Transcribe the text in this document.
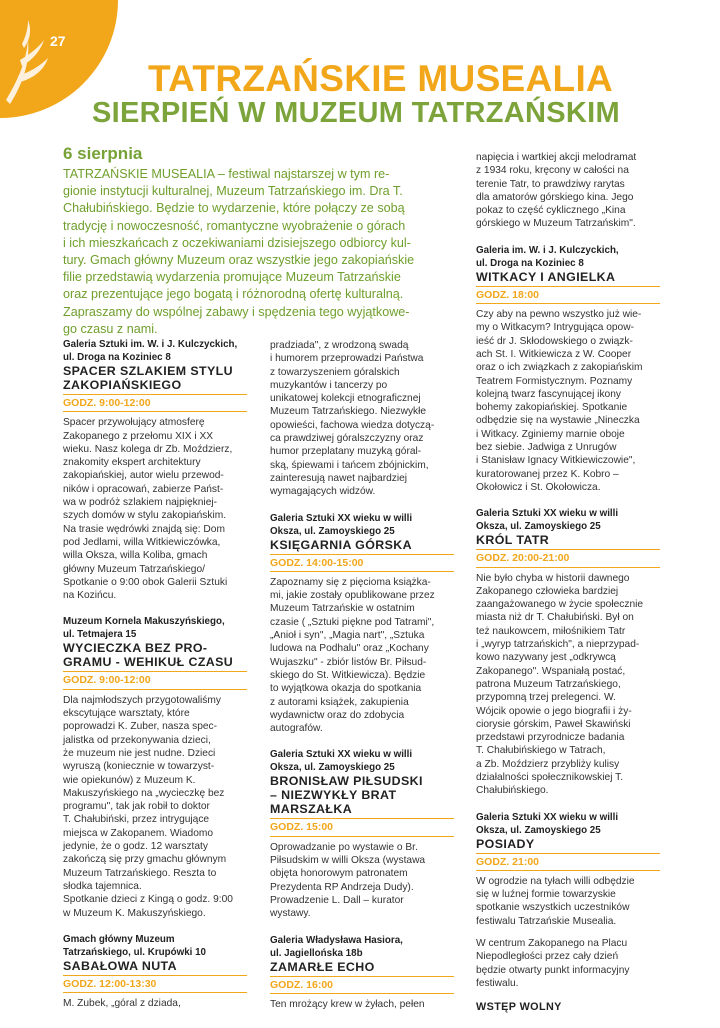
27
TATRZAŃSKIE MUSEALIA
SIERPIEŃ W MUZEUM TATRZAŃSKIM
6 sierpnia

TATRZAŃSKIE MUSEALIA – festiwal najstarszej w tym re-
gionie instytucji kulturalnej, Muzeum Tatrzańskiego im. Dra T.
Chałubińskiego. Będzie to wydarzenie, które połączy ze sobą
tradycję i nowoczesność, romantyczne wyobrażenie o górach
i ich mieszkańcach z oczekiwaniami dzisiejszego odbiorcy kul-
tury. Gmach główny Muzeum oraz wszystkie jego zakopiańskie
filie przedstawią wydarzenia promujące Muzeum Tatrzańskie
oraz prezentujące jego bogatą i różnorodną ofertę kulturalną.
Zapraszamy do wspólnej zabawy i spędzenia tego wyjątkowe-
go czasu z nami.

Galeria Sztuki im. W. i J. Kulczyckich,
ul. Droga na Koziniec 8
SPACER SZLAKIEM STYLU
ZAKOPIAŃSKIEGO
GODZ. 9:00-12:00
Spacer przywołujący atmosferę
Zakopanego z przełomu XIX i XX
wieku. Nasz kolega dr Zb. Moździerz,
znakomity ekspert architektury
zakopiańskiej, autor wielu przewod-
ników i opracowań, zabierze Państ-
wa w podróż szlakiem najpiękniej-
szych domów w stylu zakopiańskim.
Na trasie wędrówki znajdą się: Dom
pod Jedlami, willa Witkiewiczówka,
willa Oksza, willa Koliba, gmach
główny Muzeum Tatrzańskiego/
Spotkanie o 9:00 obok Galerii Sztuki
na Kozińcu.
Muzeum Kornela Makuszyńskiego,
ul. Tetmajera 15
WYCIECZKA BEZ PRO-
GRAMU - WEHIKUŁ CZASU
GODZ. 9:00-12:00
Dla najmłodszych przygotowaliśmy
ekscytujące warsztaty, które
poprowadzi K. Zuber, nasza spec-
jalistka od przekonywania dzieci,
że muzeum nie jest nudne. Dzieci
wyruszą (koniecznie w towarzyst-
wie opiekunów) z Muzeum K.
Makuszyńskiego na „wycieczkę bez
programu", tak jak robił to doktor
T. Chałubiński, przez intrygujące
miejsca w Zakopanem. Wiadomo
jedynie, że o godz. 12 warsztaty
zakończą się przy gmachu głównym
Muzeum Tatrzańskiego. Reszta to
słodka tajemnica.
Spotkanie dzieci z Kingą o godz. 9:00
w Muzeum K. Makuszyńskiego.
Gmach główny Muzeum
Tatrzańskiego, ul. Krupówki 10
SABAŁOWA NUTA
GODZ. 12:00-13:30
M. Zubek, „góral z dziada,
pradziada", z wrodzoną swadą
i humorem przeprowadzi Państwa
z towarzyszeniem góralskich
muzykantów i tancerzy po
unikatowej kolekcji etnograficznej
Muzeum Tatrzańskiego. Niezwykłe
opowieści, fachowa wiedza dotyczą-
ca prawdziwej góralszczyzny oraz
humor przeplatany muzyką góral-
ską, śpiewami i tańcem zbójnickim,
zainteresują nawet najbardziej
wymagających widzów.
Galeria Sztuki XX wieku w willi
Oksza, ul. Zamoyskiego 25
KSIĘGARNIA GÓRSKA
GODZ. 14:00-15:00
Zapoznamy się z pięcioma książka-
mi, jakie zostały opublikowane przez
Muzeum Tatrzańskie w ostatnim
czasie ( „Sztuki piękne pod Tatrami",
„Anioł i syn", „Magia nart", „Sztuka
ludowa na Podhalu" oraz „Kochany
Wujaszku" - zbiór listów Br. Piłsud-
skiego do St. Witkiewicza). Będzie
to wyjątkowa okazja do spotkania
z autorami książek, zakupienia
wydawnictw oraz do zdobycia
autografów.
Galeria Sztuki XX wieku w willi
Oksza, ul. Zamoyskiego 25
BRONISŁAW PIŁSUDSKI
– NIEZWYKŁY BRAT
MARSZAŁKA
GODZ. 15:00
Oprowadzanie po wystawie o Br.
Piłsudskim w willi Oksza (wystawa
objęta honorowym patronatem
Prezydenta RP Andrzeja Dudy).
Prowadzenie L. Dall – kurator
wystawy.
Galeria Władysława Hasiora,
ul. Jagiellońska 18b
ZAMARŁE ECHO
GODZ. 16:00
Ten mrożący krew w żyłach, pełen
napięcia i wartkiej akcji melodramat
z 1934 roku, kręcony w całości na
terenie Tatr, to prawdziwy rarytas
dla amatorów górskiego kina. Jego
pokaz to część cyklicznego „Kina
górskiego w Muzeum Tatrzańskim".
Galeria im. W. i J. Kulczyckich,
ul. Droga na Koziniec 8
WITKACY I ANGIELKA
GODZ. 18:00
Czy aby na pewno wszystko już wie-
my o Witkacym? Intrygująca opow-
ieść dr J. Skłodowskiego o związk-
ach St. I. Witkiewicza z W. Cooper
oraz o ich związkach z zakopiańskim
Teatrem Formistycznym. Poznamy
kolejną twarz fascynującej ikony
bohemy zakopiańskiej. Spotkanie
odbędzie się na wystawie „Nineczka
i Witkacy. Zginiemy marnie oboje
bez siebie. Jadwiga z Unrugów
i Stanisław Ignacy Witkiewiczowie",
kuratorowanej przez K. Kobro –
Okołowicz i St. Okołowicza.
Galeria Sztuki XX wieku w willi
Oksza, ul. Zamoyskiego 25
KRÓL TATR
GODZ. 20:00-21:00
Nie było chyba w historii dawnego
Zakopanego człowieka bardziej
zaangażowanego w życie społecznie
miasta niż dr T. Chałubiński. Był on
też naukowcem, miłośnikiem Tatr
i „wyryp tatrzańskich", a nieprzypad-
kowo nazywany jest „odkrywcą
Zakopanego". Wspaniałą postać,
patrona Muzeum Tatrzańskiego,
przypomną trzej prelegenci. W.
Wójcik opowie o jego biografii i ży-
ciorysie górskim, Paweł Skawiński
przedstawi przyrodnicze badania
T. Chałubińskiego w Tatrach,
a Zb. Moździerz przybliży kulisy
działalności społecznikowskiej T.
Chałubińskiego.
Galeria Sztuki XX wieku w willi
Oksza, ul. Zamoyskiego 25
POSIADY
GODZ. 21:00
W ogrodzie na tyłach willi odbędzie
się w luźnej formie towarzyskie
spotkanie wszystkich uczestników
festiwalu Tatrzańskie Musealia.
W centrum Zakopanego na Placu
Niepodległości przez cały dzień
będzie otwarty punkt informacyjny
festiwalu.
WSTĘP WOLNY
